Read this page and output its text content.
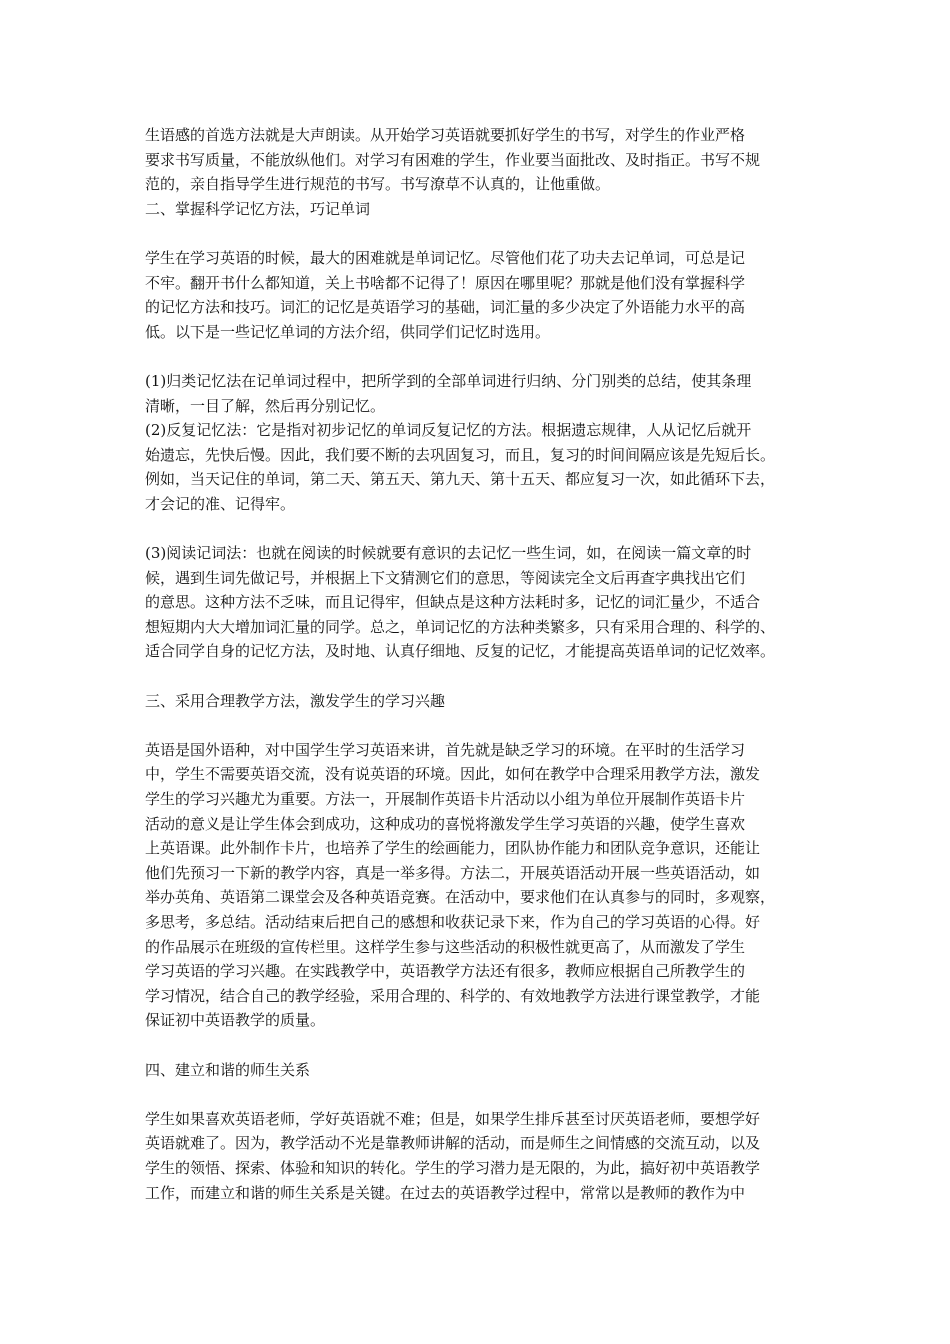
生语感的首选方法就是大声朗读。从开始学习英语就要抓好学生的书写，对学生的作业严格
要求书写质量，不能放纵他们。对学习有困难的学生，作业要当面批改、及时指正。书写不规
范的，亲自指导学生进行规范的书写。书写潦草不认真的，让他重做。
二、掌握科学记忆方法，巧记单词
学生在学习英语的时候，最大的困难就是单词记忆。尽管他们花了功夫去记单词，可总是记
不牢。翻开书什么都知道，关上书啥都不记得了！原因在哪里呢？那就是他们没有掌握科学
的记忆方法和技巧。词汇的记忆是英语学习的基础，词汇量的多少决定了外语能力水平的高
低。以下是一些记忆单词的方法介绍，供同学们记忆时选用。
(1)归类记忆法在记单词过程中，把所学到的全部单词进行归纳、分门别类的总结，使其条理
清晰，一目了解，然后再分别记忆。
(2)反复记忆法：它是指对初步记忆的单词反复记忆的方法。根据遗忘规律，人从记忆后就开
始遗忘，先快后慢。因此，我们要不断的去巩固复习，而且，复习的时间间隔应该是先短后长。
例如，当天记住的单词，第二天、第五天、第九天、第十五天、都应复习一次，如此循环下去，
才会记的准、记得牢。
(3)阅读记词法：也就在阅读的时候就要有意识的去记忆一些生词，如，在阅读一篇文章的时
候，遇到生词先做记号，并根据上下文猜测它们的意思，等阅读完全文后再查字典找出它们
的意思。这种方法不乏味，而且记得牢，但缺点是这种方法耗时多，记忆的词汇量少，不适合
想短期内大大增加词汇量的同学。总之，单词记忆的方法种类繁多，只有采用合理的、科学的、
适合同学自身的记忆方法，及时地、认真仔细地、反复的记忆，才能提高英语单词的记忆效率。
三、采用合理教学方法，激发学生的学习兴趣
英语是国外语种，对中国学生学习英语来讲，首先就是缺乏学习的环境。在平时的生活学习
中，学生不需要英语交流，没有说英语的环境。因此，如何在教学中合理采用教学方法，激发
学生的学习兴趣尤为重要。方法一，开展制作英语卡片活动以小组为单位开展制作英语卡片
活动的意义是让学生体会到成功，这种成功的喜悦将激发学生学习英语的兴趣，使学生喜欢
上英语课。此外制作卡片，也培养了学生的绘画能力，团队协作能力和团队竞争意识，还能让
他们先预习一下新的教学内容，真是一举多得。方法二，开展英语活动开展一些英语活动，如
举办英角、英语第二课堂会及各种英语竞赛。在活动中，要求他们在认真参与的同时，多观察，
多思考，多总结。活动结束后把自己的感想和收获记录下来，作为自己的学习英语的心得。好
的作品展示在班级的宣传栏里。这样学生参与这些活动的积极性就更高了，从而激发了学生
学习英语的学习兴趣。在实践教学中，英语教学方法还有很多，教师应根据自己所教学生的
学习情况，结合自己的教学经验，采用合理的、科学的、有效地教学方法进行课堂教学，才能
保证初中英语教学的质量。
四、建立和谐的师生关系
学生如果喜欢英语老师，学好英语就不难；但是，如果学生排斥甚至讨厌英语老师，要想学好
英语就难了。因为，教学活动不光是靠教师讲解的活动，而是师生之间情感的交流互动，以及
学生的领悟、探索、体验和知识的转化。学生的学习潜力是无限的，为此，搞好初中英语教学
工作，而建立和谐的师生关系是关键。在过去的英语教学过程中，常常以是教师的教作为中
